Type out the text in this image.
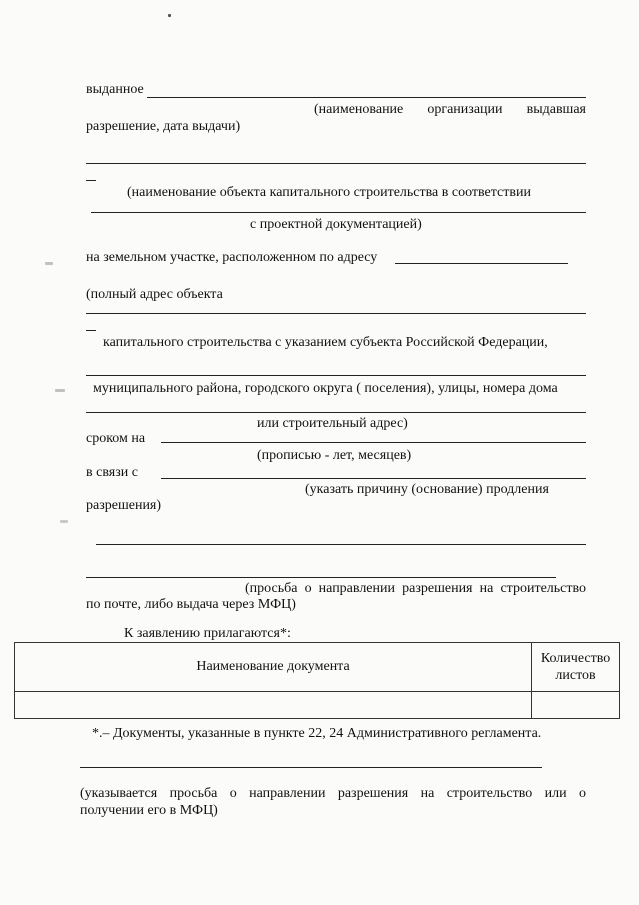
выданное
(наименование организации выдавшая
разрешение, дата выдачи)
(наименование объекта капитального строительства в соответствии
с проектной документацией)
на земельном участке, расположенном по адресу
(полный адрес объекта
капитального строительства с указанием субъекта Российской Федерации,
муниципального района, городского округа ( поселения), улицы, номера дома
или строительный адрес)
сроком на
(прописью - лет, месяцев)
в связи с
(указать причину (основание) продления
разрешения)
(просьба о направлении разрешения на строительство
по почте, либо выдача через МФЦ)
К заявлению прилагаются*:
Наименование документа	Количество листов

*.– Документы, указанные в пункте 22, 24 Административного регламента.
(указывается просьба о направлении разрешения на строительство или о
получении его в МФЦ)
